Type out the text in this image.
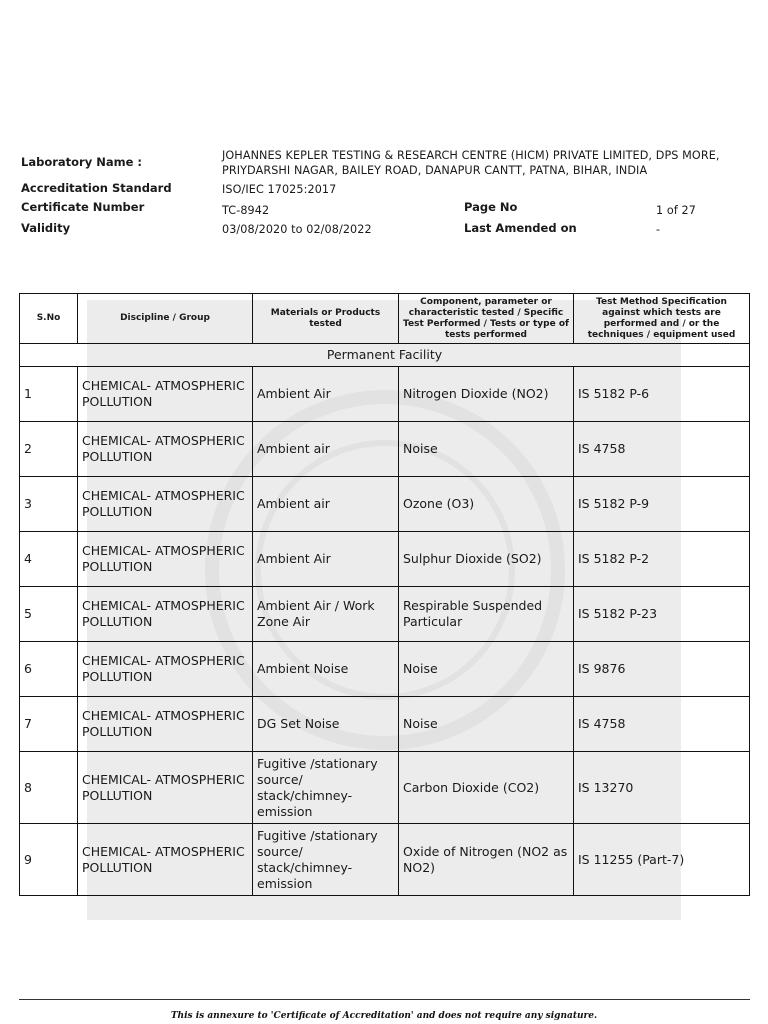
Laboratory Name :	JOHANNES KEPLER TESTING & RESEARCH CENTRE (HICM) PRIVATE LIMITED, DPS MORE,
PRIYDARSHI NAGAR, BAILEY ROAD, DANAPUR CANTT, PATNA, BIHAR, INDIA
Accreditation Standard	ISO/IEC 17025:2017
Certificate Number	TC-8942	Page No	1 of 27
Validity	03/08/2020 to 02/08/2022	Last Amended on	-
S.No	Discipline / Group	Materials or Products tested	Component, parameter or characteristic tested / Specific Test Performed / Tests or type of tests performed	Test Method Specification against which tests are performed and / or the techniques / equipment used
Permanent Facility				
1	CHEMICAL- ATMOSPHERIC POLLUTION	Ambient Air	Nitrogen Dioxide (NO2)	IS 5182 P-6
2	CHEMICAL- ATMOSPHERIC POLLUTION	Ambient air	Noise	IS 4758
3	CHEMICAL- ATMOSPHERIC POLLUTION	Ambient air	Ozone (O3)	IS 5182 P-9
4	CHEMICAL- ATMOSPHERIC POLLUTION	Ambient Air	Sulphur Dioxide (SO2)	IS 5182 P-2
5	CHEMICAL- ATMOSPHERIC POLLUTION	Ambient Air / Work Zone Air	Respirable Suspended Particular	IS 5182 P-23
6	CHEMICAL- ATMOSPHERIC POLLUTION	Ambient Noise	Noise	IS 9876
7	CHEMICAL- ATMOSPHERIC POLLUTION	DG Set Noise	Noise	IS 4758
8	CHEMICAL- ATMOSPHERIC POLLUTION	Fugitive /stationary source/ stack/chimney-emission	Carbon Dioxide (CO2)	IS 13270
9	CHEMICAL- ATMOSPHERIC POLLUTION	Fugitive /stationary source/ stack/chimney-emission	Oxide of Nitrogen (NO2 as NO2)	IS 11255 (Part-7)
This is annexure to 'Certificate of Accreditation' and does not require any signature.
